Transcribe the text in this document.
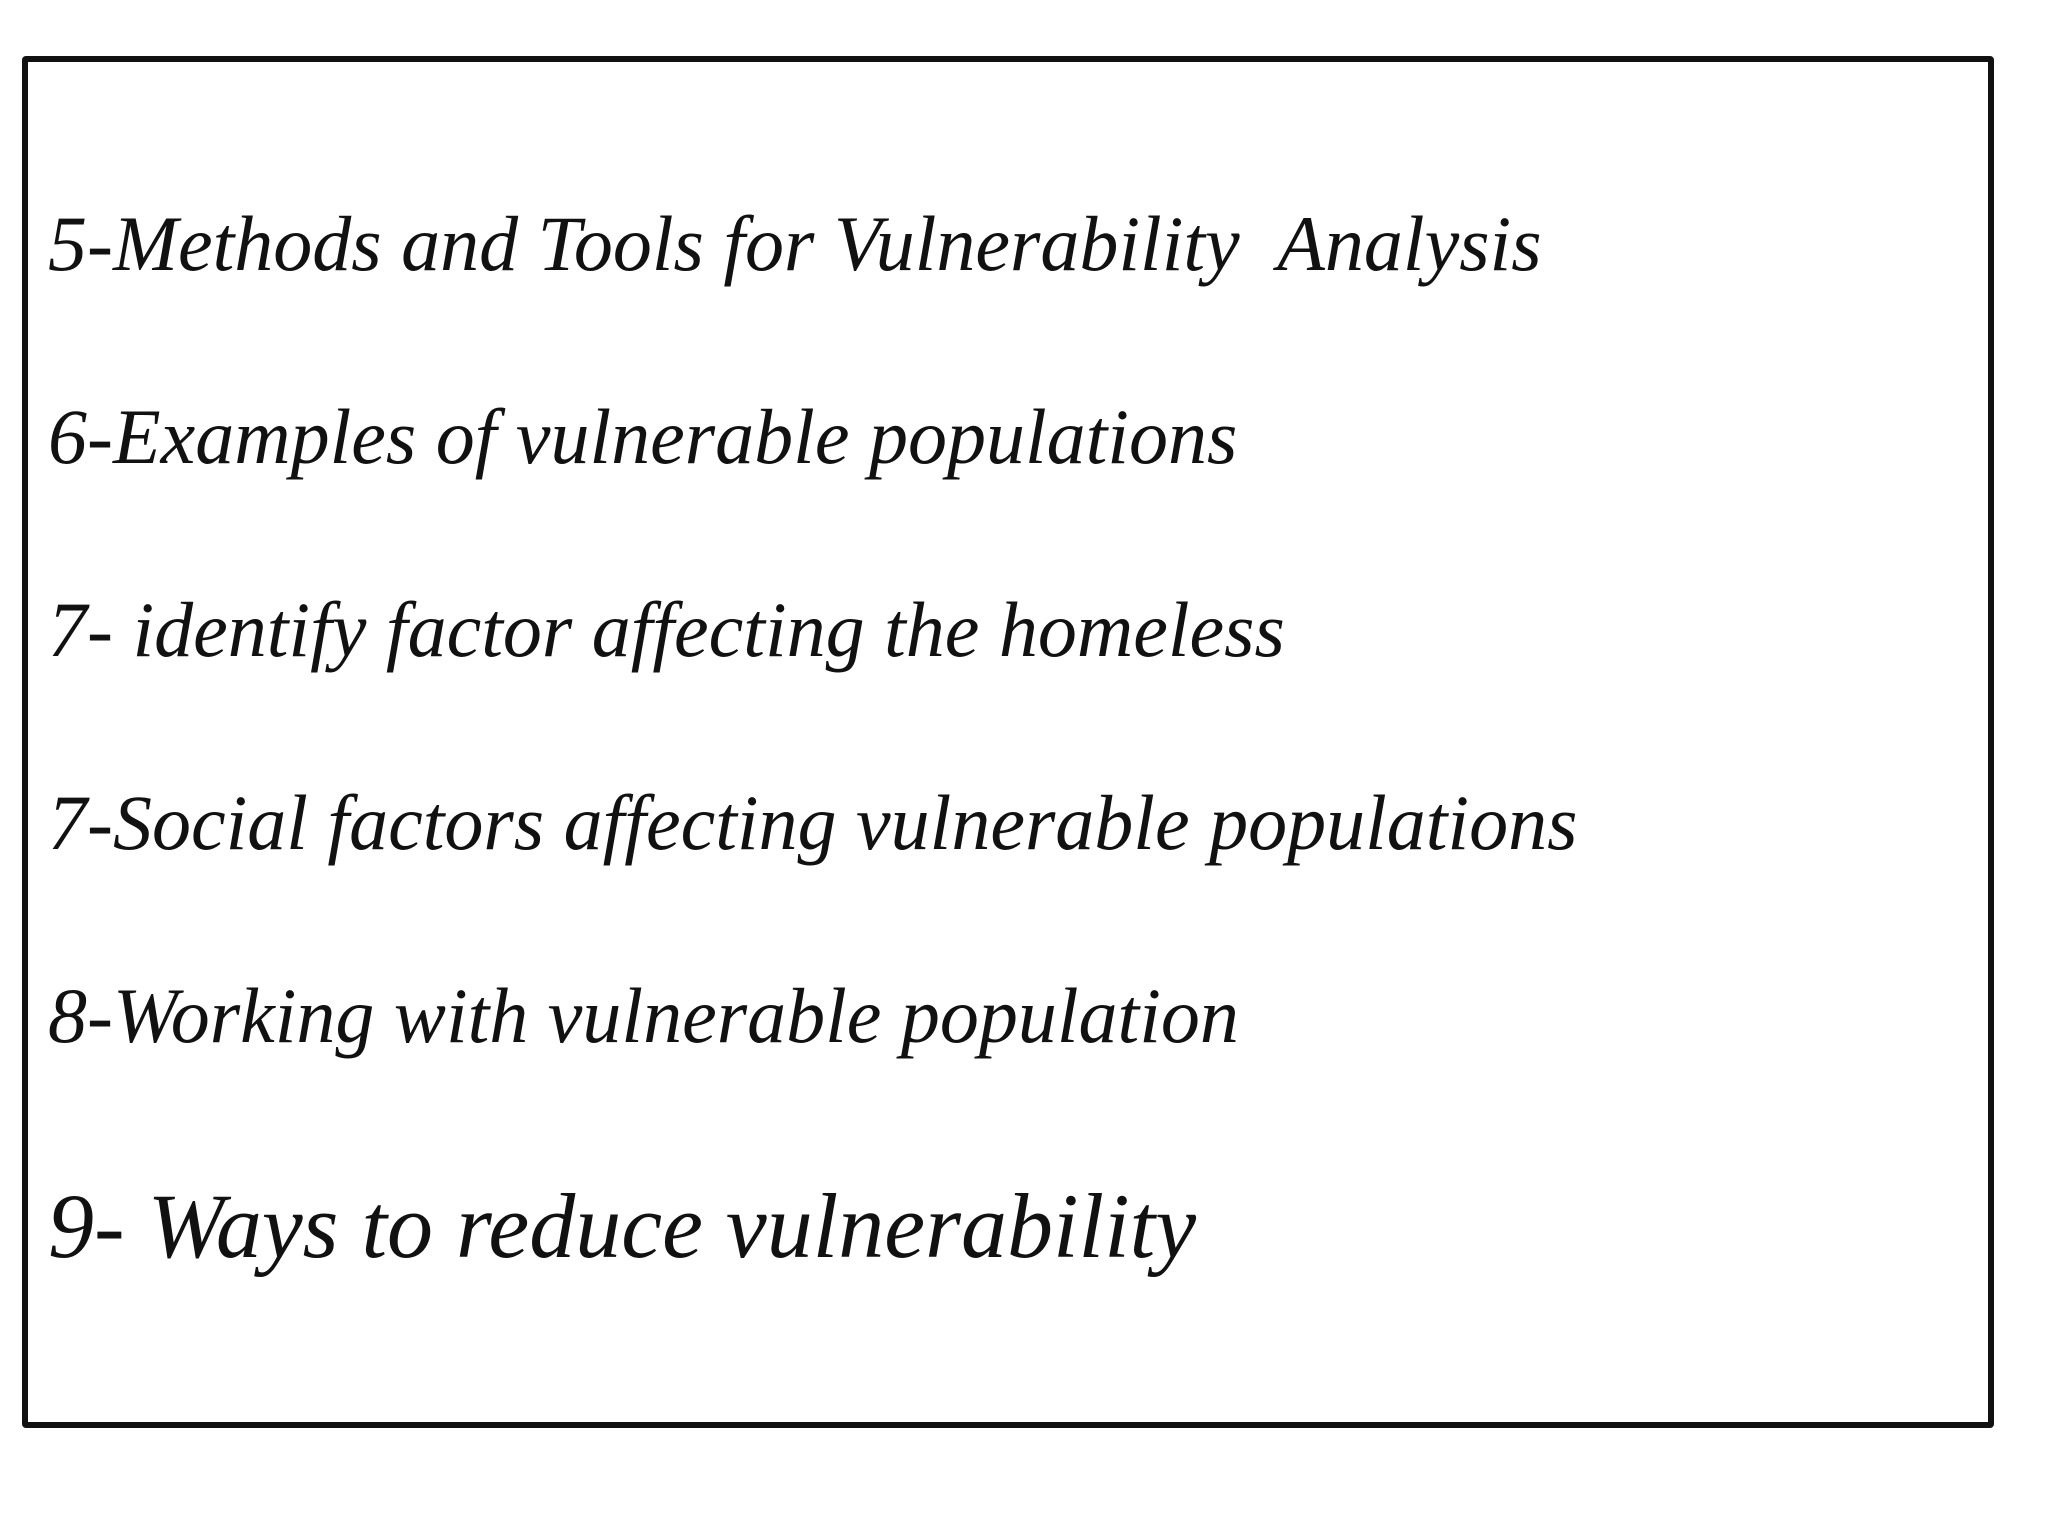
5-Methods and Tools for Vulnerability  Analysis

6-Examples of vulnerable populations

7- identify factor affecting the homeless

7-Social factors affecting vulnerable populations

8-Working with vulnerable population

9- Ways to reduce vulnerability
